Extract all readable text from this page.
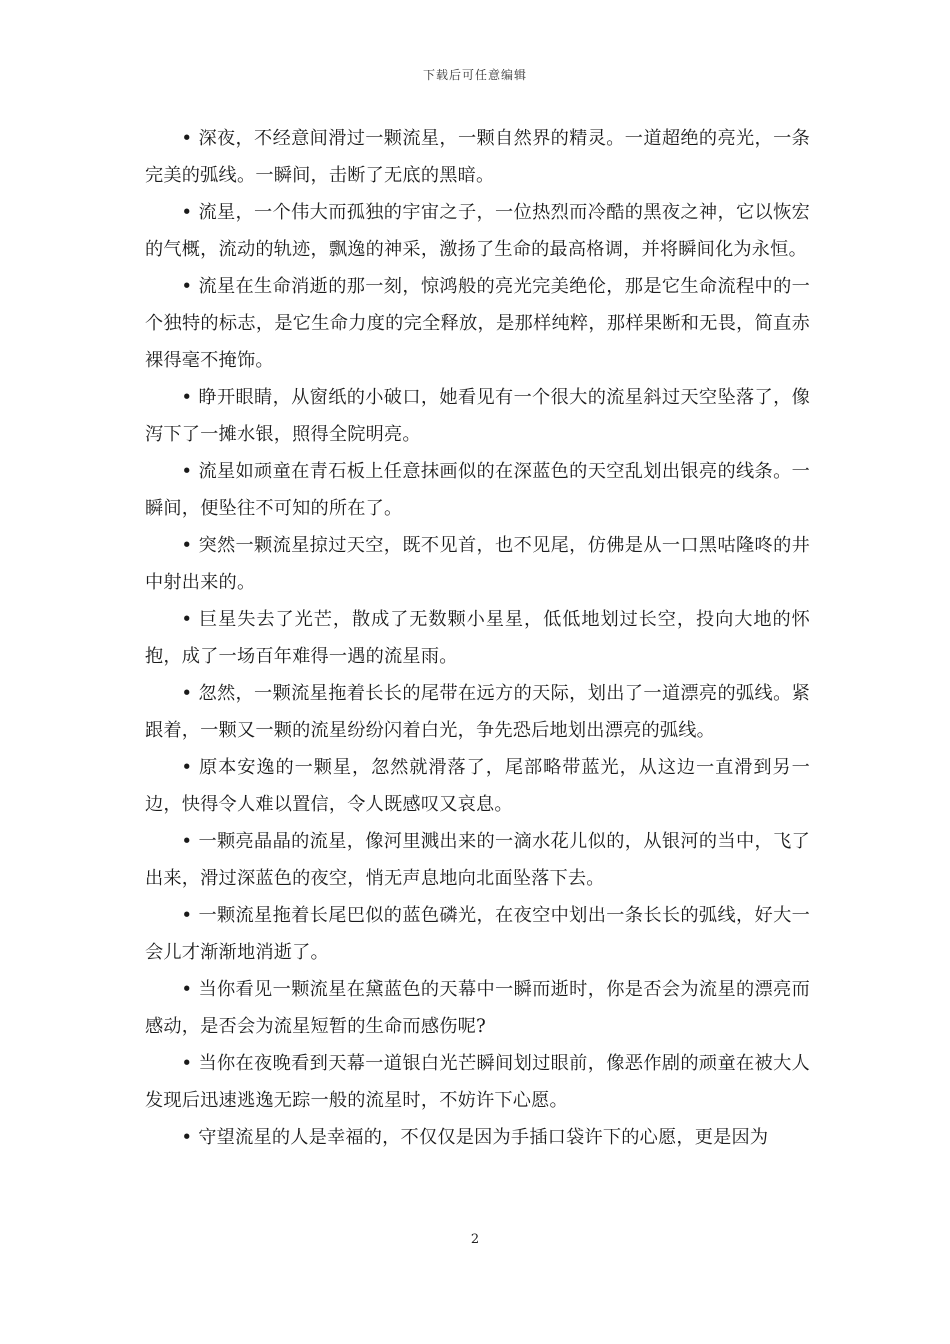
下载后可任意编辑

• 深夜，不经意间滑过一颗流星，一颗自然界的精灵。一道超绝的亮光，一条完美的弧线。一瞬间，击断了无底的黑暗。

• 流星，一个伟大而孤独的宇宙之子，一位热烈而冷酷的黑夜之神，它以恢宏的气概，流动的轨迹，飘逸的神采，激扬了生命的最高格调，并将瞬间化为永恒。

• 流星在生命消逝的那一刻，惊鸿般的亮光完美绝伦，那是它生命流程中的一个独特的标志，是它生命力度的完全释放，是那样纯粹，那样果断和无畏，简直赤裸得毫不掩饰。

• 睁开眼睛，从窗纸的小破口，她看见有一个很大的流星斜过天空坠落了，像泻下了一摊水银，照得全院明亮。

• 流星如顽童在青石板上任意抹画似的在深蓝色的天空乱划出银亮的线条。一瞬间，便坠往不可知的所在了。

• 突然一颗流星掠过天空，既不见首，也不见尾，仿佛是从一口黑咕隆咚的井中射出来的。

• 巨星失去了光芒，散成了无数颗小星星，低低地划过长空，投向大地的怀抱，成了一场百年难得一遇的流星雨。

• 忽然，一颗流星拖着长长的尾带在远方的天际，划出了一道漂亮的弧线。紧跟着，一颗又一颗的流星纷纷闪着白光，争先恐后地划出漂亮的弧线。

• 原本安逸的一颗星，忽然就滑落了，尾部略带蓝光，从这边一直滑到另一边，快得令人难以置信，令人既感叹又哀息。

• 一颗亮晶晶的流星，像河里溅出来的一滴水花儿似的，从银河的当中，飞了出来，滑过深蓝色的夜空，悄无声息地向北面坠落下去。

• 一颗流星拖着长尾巴似的蓝色磷光，在夜空中划出一条长长的弧线，好大一会儿才渐渐地消逝了。

• 当你看见一颗流星在黛蓝色的天幕中一瞬而逝时，你是否会为流星的漂亮而感动，是否会为流星短暂的生命而感伤呢?

• 当你在夜晚看到天幕一道银白光芒瞬间划过眼前，像恶作剧的顽童在被大人发现后迅速逃逸无踪一般的流星时，不妨许下心愿。

• 守望流星的人是幸福的，不仅仅是因为手插口袋许下的心愿，更是因为

2
